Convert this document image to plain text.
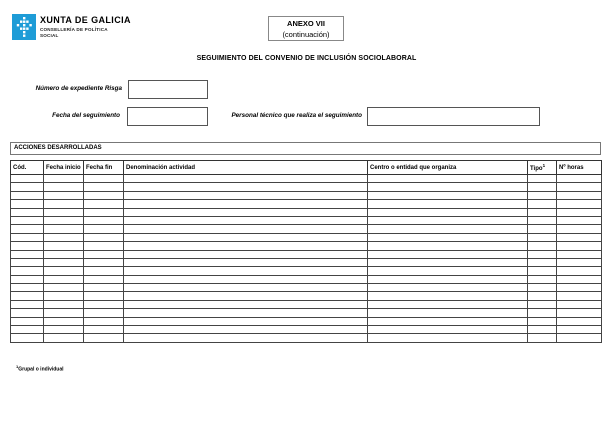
XUNTA DE GALICIA
CONSELLERÍA DE POLÍTICA SOCIAL
ANEXO VII
(continuación)
SEGUIMIENTO DEL CONVENIO DE INCLUSIÓN SOCIOLABORAL
Número de expediente Risga
Fecha del seguimiento	Personal técnico que realiza el seguimiento
ACCIONES DESARROLLADAS
Cód.	Fecha inicio	Fecha fin	Denominación actividad	Centro o entidad que organiza	Tipo$^1$	Nº horas

$^1$Grupal o individual
